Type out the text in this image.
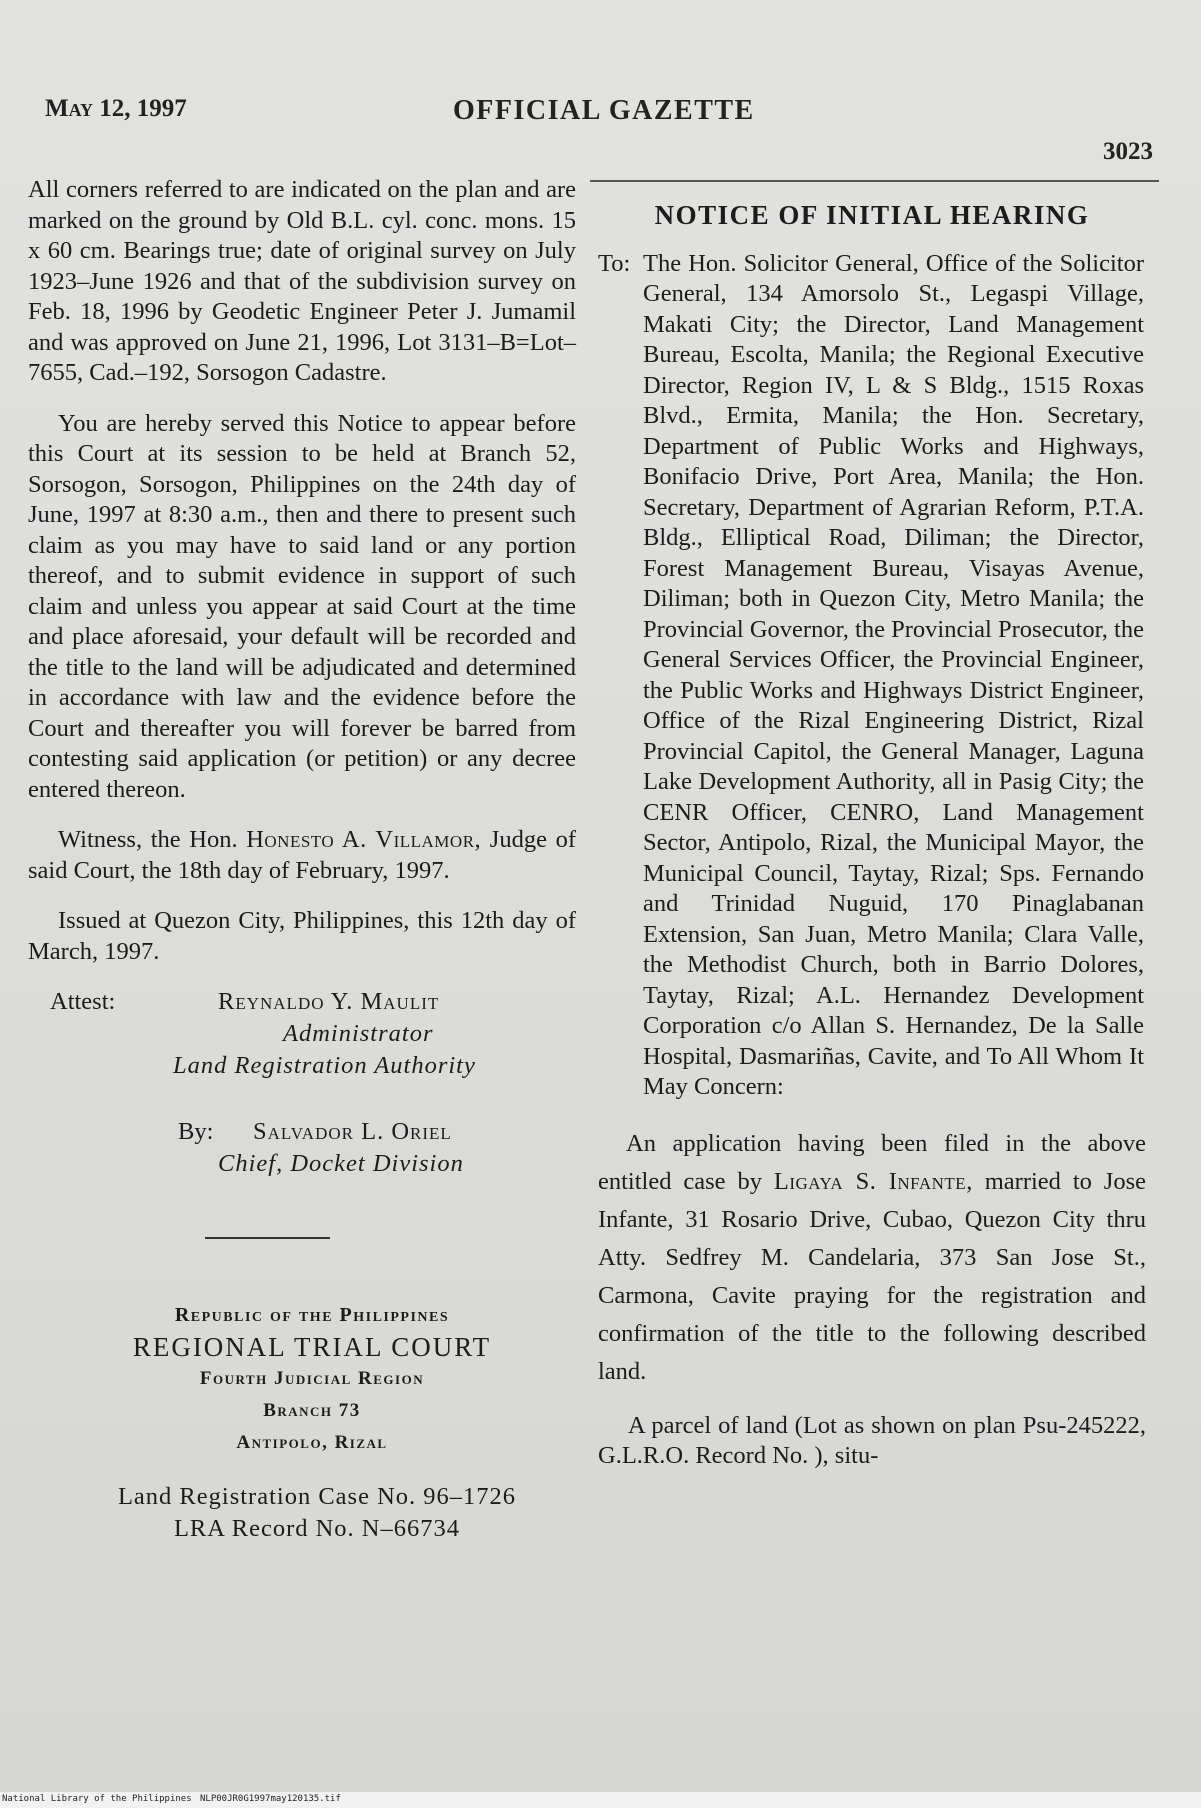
May 12, 1997	OFFICIAL GAZETTE
3023

All corners referred to are indicated on the plan and are marked on the ground by Old B.L. cyl. conc. mons. 15 x 60 cm. Bearings true; date of original survey on July 1923–June 1926 and that of the subdivision survey on Feb. 18, 1996 by Geodetic Engineer Peter J. Jumamil and was approved on June 21, 1996, Lot 3131–B=Lot–7655, Cad.–192, Sorsogon Cadastre.

You are hereby served this Notice to appear before this Court at its session to be held at Branch 52, Sorsogon, Sorsogon, Philippines on the 24th day of June, 1997 at 8:30 a.m., then and there to present such claim as you may have to said land or any portion thereof, and to submit evidence in support of such claim and unless you appear at said Court at the time and place aforesaid, your default will be recorded and the title to the land will be adjudicated and determined in accordance with law and the evidence before the Court and thereafter you will forever be barred from contesting said application (or petition) or any decree entered thereon.

Witness, the Hon. Honesto A. Villamor, Judge of said Court, the 18th day of February, 1997.

Issued at Quezon City, Philippines, this 12th day of March, 1997.

Attest:	Reynaldo Y. Maulit
Administrator
Land Registration Authority
By: Salvador L. Oriel
Chief, Docket Division
Republic of the Philippines
REGIONAL TRIAL COURT
Fourth Judicial Region
Branch 73
Antipolo, Rizal
Land Registration Case No. 96–1726
LRA Record No. N–66734
NOTICE OF INITIAL HEARING
To: The Hon. Solicitor General, Office of the Solicitor General, 134 Amorsolo St., Legaspi Village, Makati City; the Director, Land Management Bureau, Escolta, Manila; the Regional Executive Director, Region IV, L & S Bldg., 1515 Roxas Blvd., Ermita, Manila; the Hon. Secretary, Department of Public Works and Highways, Bonifacio Drive, Port Area, Manila; the Hon. Secretary, Department of Agrarian Reform, P.T.A. Bldg., Elliptical Road, Diliman; the Director, Forest Management Bureau, Visayas Avenue, Diliman; both in Quezon City, Metro Manila; the Provincial Governor, the Provincial Prosecutor, the General Services Officer, the Provincial Engineer, the Public Works and Highways District Engineer, Office of the Rizal Engineering District, Rizal Provincial Capitol, the General Manager, Laguna Lake Development Authority, all in Pasig City; the CENR Officer, CENRO, Land Management Sector, Antipolo, Rizal, the Municipal Mayor, the Municipal Council, Taytay, Rizal; Sps. Fernando and Trinidad Nuguid, 170 Pinaglabanan Extension, San Juan, Metro Manila; Clara Valle, the Methodist Church, both in Barrio Dolores, Taytay, Rizal; A.L. Hernandez Development Corporation c/o Allan S. Hernandez, De la Salle Hospital, Dasmariñas, Cavite, and To All Whom It May Concern:

An application having been filed in the above entitled case by Ligaya S. Infante, married to Jose Infante, 31 Rosario Drive, Cubao, Quezon City thru Atty. Sedfrey M. Candelaria, 373 San Jose St., Carmona, Cavite praying for the registration and confirmation of the title to the following described land.

A parcel of land (Lot as shown on plan Psu-245222, G.L.R.O. Record No. ), situ-

National Library of the Philippines NLP00JR0G1997may120135.tif
